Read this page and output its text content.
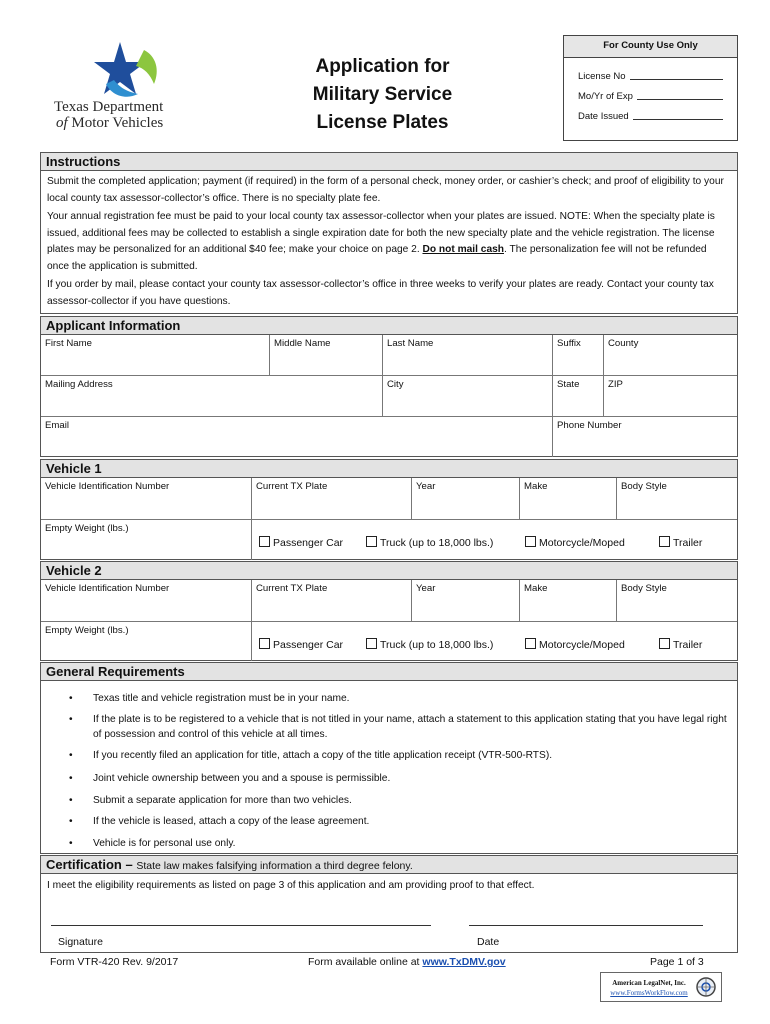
Texas Department
of Motor Vehicles
Application for
Military Service
License Plates
For County Use Only
License No
Mo/Yr of Exp
Date Issued
Instructions

Submit the completed application; payment (if required) in the form of a personal check, money order, or cashier’s check; and proof of eligibility to your local county tax assessor-collector’s office. There is no specialty plate fee.

Your annual registration fee must be paid to your local county tax assessor-collector when your plates are issued. NOTE: When the specialty plate is issued, additional fees may be collected to establish a single expiration date for both the new specialty plate and the vehicle registration. The license plates may be personalized for an additional $40 fee; make your choice on page 2. Do not mail cash. The personalization fee will not be refunded once the application is submitted.

If you order by mail, please contact your county tax assessor-collector’s office in three weeks to verify your plates are ready. Contact your county tax assessor-collector if you have questions.

Applicant Information
First Name	Middle Name	Last Name	Suffix	County
Mailing Address	City	State	ZIP
Email	Phone Number
Vehicle 1
Vehicle Identification Number	Current TX Plate	Year	Make	Body Style
Empty Weight (lbs.)
Passenger Car	Truck (up to 18,000 lbs.)	Motorcycle/Moped	Trailer
Vehicle 2
Vehicle Identification Number	Current TX Plate	Year	Make	Body Style
Empty Weight (lbs.)
Passenger Car	Truck (up to 18,000 lbs.)	Motorcycle/Moped	Trailer
General Requirements
• Texas title and vehicle registration must be in your name.
• If the plate is to be registered to a vehicle that is not titled in your name, attach a statement to this application stating that you have legal right of possession and control of this vehicle at all times.
• If you recently filed an application for title, attach a copy of the title application receipt (VTR-500-RTS).
• Joint vehicle ownership between you and a spouse is permissible.
• Submit a separate application for more than two vehicles.
• If the vehicle is leased, attach a copy of the lease agreement.
• Vehicle is for personal use only.
Certification – State law makes falsifying information a third degree felony.

I meet the eligibility requirements as listed on page 3 of this application and am providing proof to that effect.

Signature	Date
Form VTR-420 Rev. 9/2017	Form available online at www.TxDMV.gov	Page 1 of 3
American LegalNet, Inc.
www.FormsWorkFlow.com
